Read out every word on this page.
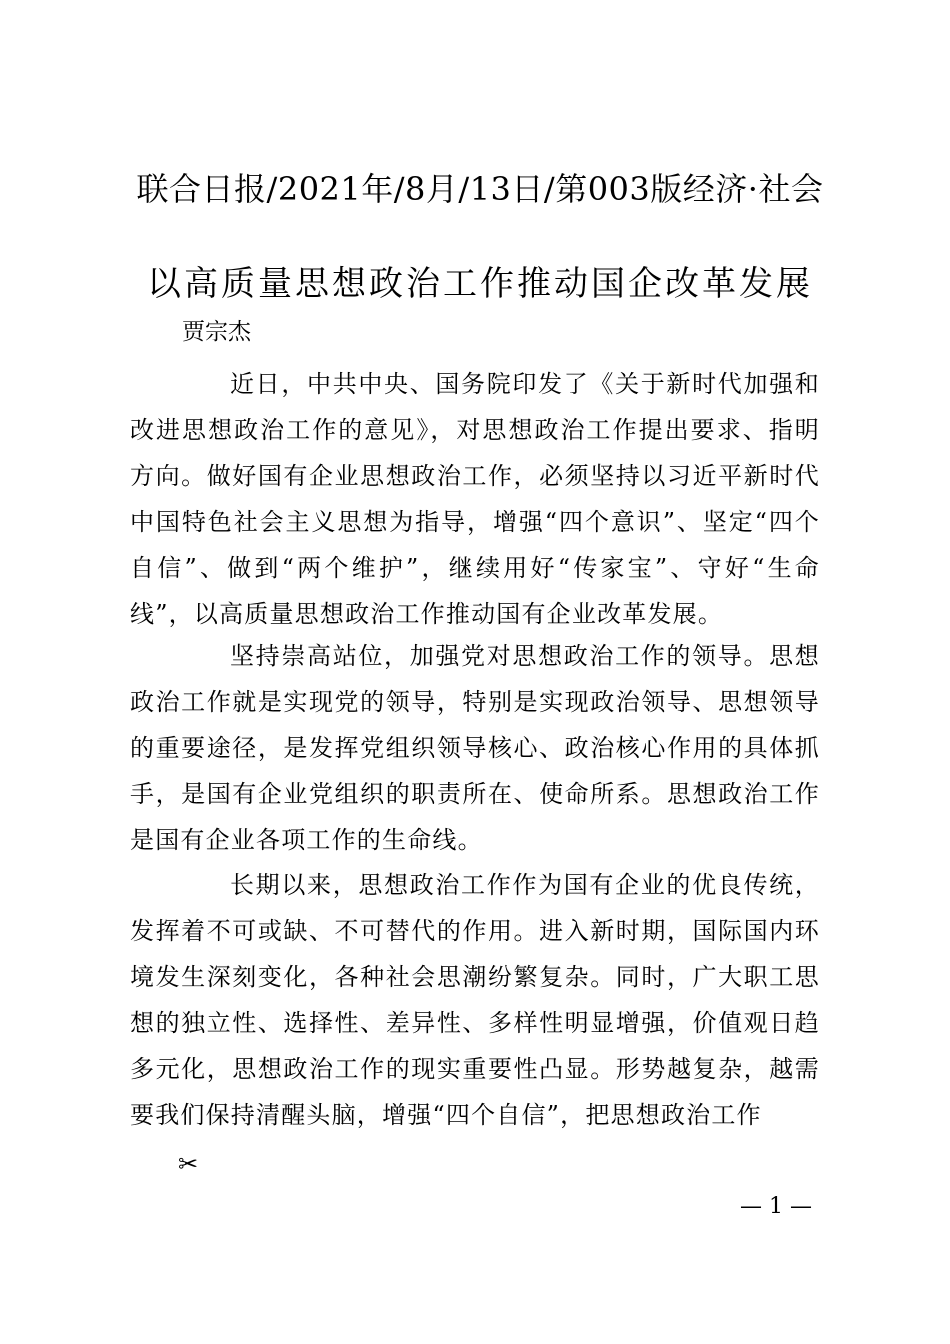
联合日报/2021年/8月/13日/第003版经济·社会
以高质量思想政治工作推动国企改革发展
贾宗杰

近日，中共中央、国务院印发了《关于新时代加强和改进思想政治工作的意见》，对思想政治工作提出要求、指明方向。做好国有企业思想政治工作，必须坚持以习近平新时代中国特色社会主义思想为指导，增强“四个意识”、坚定“四个自信”、做到“两个维护”，继续用好“传家宝”、守好“生命线”，以高质量思想政治工作推动国有企业改革发展。

坚持崇高站位，加强党对思想政治工作的领导。思想政治工作就是实现党的领导，特别是实现政治领导、思想领导的重要途径，是发挥党组织领导核心、政治核心作用的具体抓手，是国有企业党组织的职责所在、使命所系。思想政治工作是国有企业各项工作的生命线。

长期以来，思想政治工作作为国有企业的优良传统，发挥着不可或缺、不可替代的作用。进入新时期，国际国内环境发生深刻变化，各种社会思潮纷繁复杂。同时，广大职工思想的独立性、选择性、差异性、多样性明显增强，价值观日趋多元化，思想政治工作的现实重要性凸显。形势越复杂，越需要我们保持清醒头脑，增强“四个自信”，把思想政治工作

✂
— 1 —
